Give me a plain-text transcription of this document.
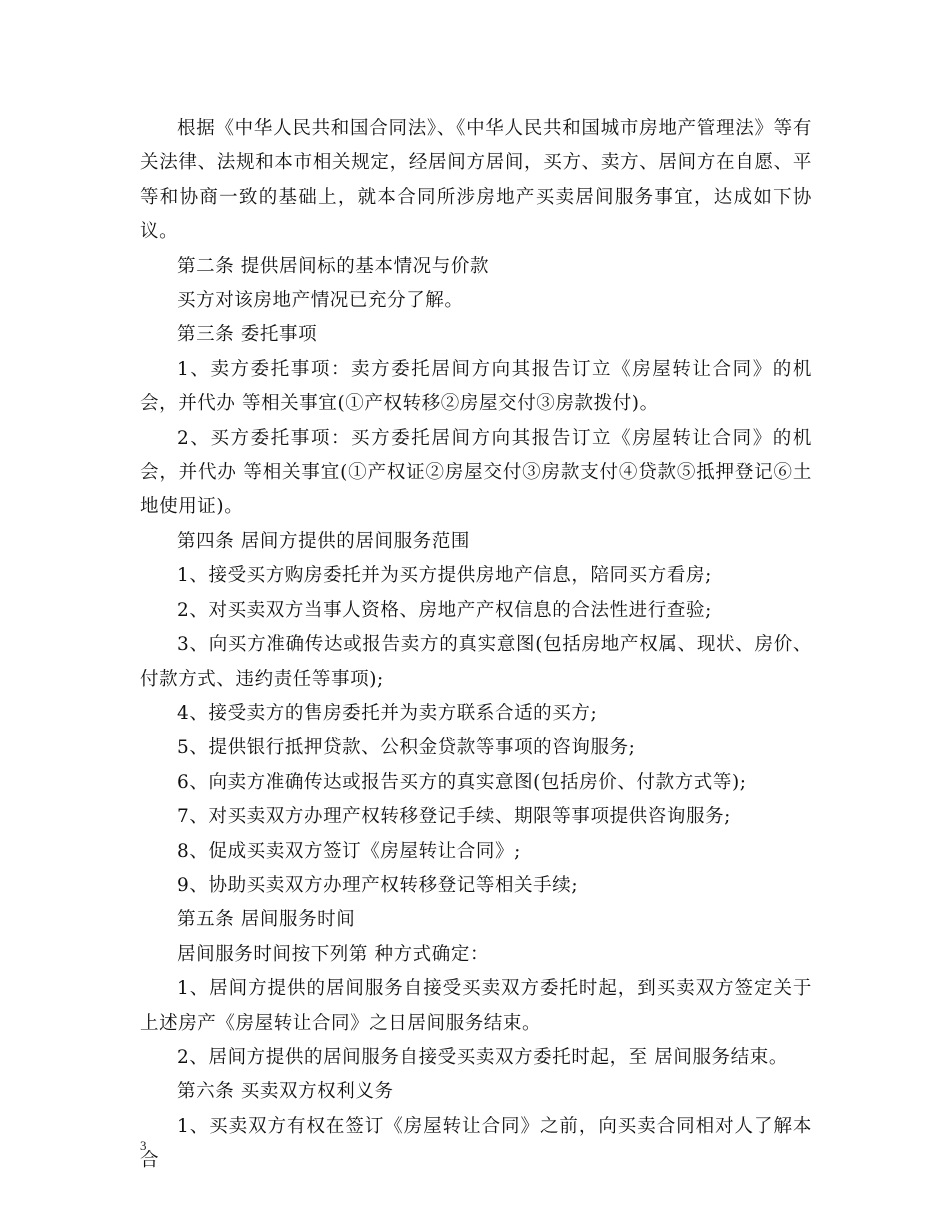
根据《中华人民共和国合同法》、《中华人民共和国城市房地产管理法》等有关法律、法规和本市相关规定，经居间方居间，买方、卖方、居间方在自愿、平等和协商一致的基础上，就本合同所涉房地产买卖居间服务事宜，达成如下协议。

第二条 提供居间标的基本情况与价款

买方对该房地产情况已充分了解。

第三条 委托事项

1、卖方委托事项：卖方委托居间方向其报告订立《房屋转让合同》的机会，并代办 等相关事宜(①产权转移②房屋交付③房款拨付)。

2、买方委托事项：买方委托居间方向其报告订立《房屋转让合同》的机会，并代办 等相关事宜(①产权证②房屋交付③房款支付④贷款⑤抵押登记⑥土地使用证)。

第四条 居间方提供的居间服务范围

1、接受买方购房委托并为买方提供房地产信息，陪同买方看房;

2、对买卖双方当事人资格、房地产产权信息的合法性进行查验;

3、向买方准确传达或报告卖方的真实意图(包括房地产权属、现状、房价、付款方式、违约责任等事项);

4、接受卖方的售房委托并为卖方联系合适的买方;

5、提供银行抵押贷款、公积金贷款等事项的咨询服务;

6、向卖方准确传达或报告买方的真实意图(包括房价、付款方式等);

7、对买卖双方办理产权转移登记手续、期限等事项提供咨询服务;

8、促成买卖双方签订《房屋转让合同》;

9、协助买卖双方办理产权转移登记等相关手续;

第五条 居间服务时间

居间服务时间按下列第 种方式确定：

1、居间方提供的居间服务自接受买卖双方委托时起，到买卖双方签定关于上述房产《房屋转让合同》之日居间服务结束。

2、居间方提供的居间服务自接受买卖双方委托时起，至 居间服务结束。

第六条 买卖双方权利义务

1、买卖双方有权在签订《房屋转让合同》之前，向买卖合同相对人了解本合

3
